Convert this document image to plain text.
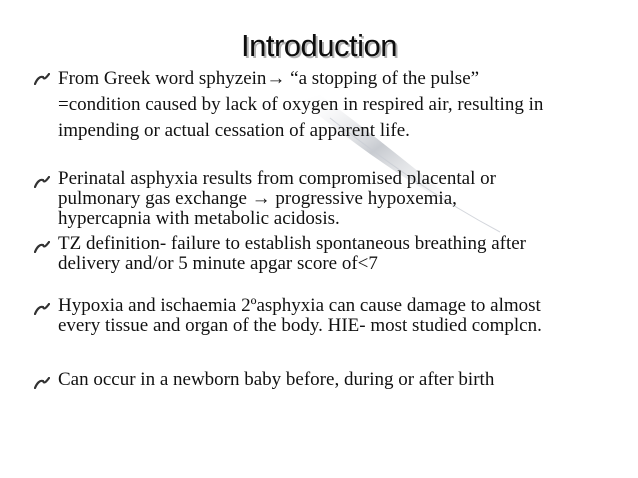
Introduction
From Greek word sphyzein→ “a stopping of the pulse”
=condition caused by lack of oxygen in respired air, resulting in
impending or actual cessation of apparent life.
Perinatal asphyxia results from compromised placental or
pulmonary gas exchange → progressive hypoxemia,
hypercapnia with metabolic acidosis.
TZ definition- failure to establish spontaneous breathing after
delivery and/or 5 minute apgar score of<7
Hypoxia and ischaemia 2ºasphyxia can cause damage to almost
every tissue and organ of the body. HIE- most studied complcn.
Can occur in a newborn baby before, during or after birth
